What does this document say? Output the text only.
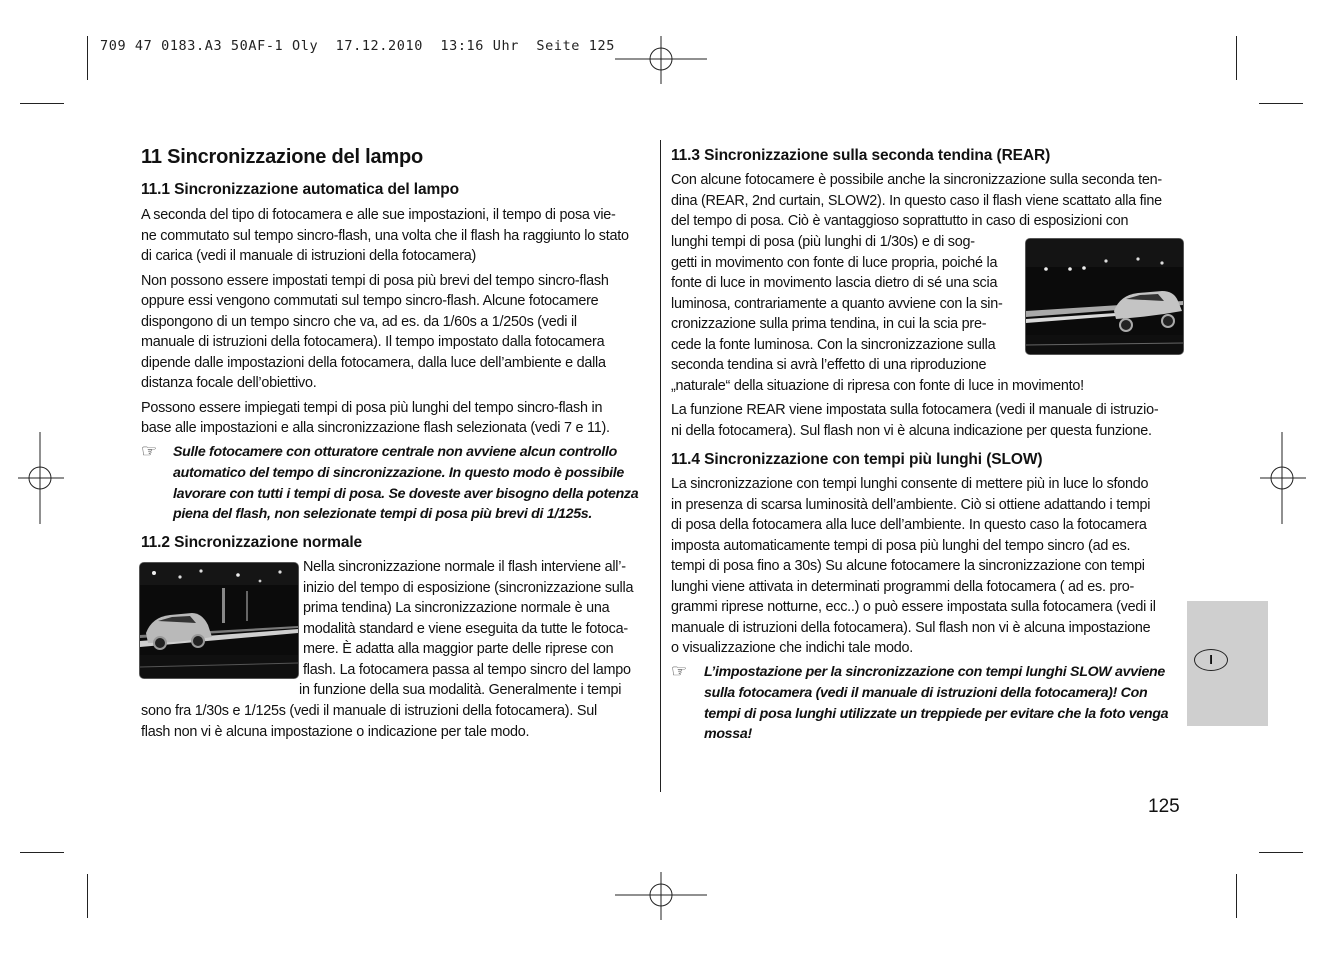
709 47 0183.A3 50AF-1 Oly  17.12.2010  13:16 Uhr  Seite 125
11 Sincronizzazione del lampo
11.1 Sincronizzazione automatica del lampo

A seconda del tipo di fotocamera e alle sue impostazioni, il tempo di posa vie-
ne commutato sul tempo sincro-flash, una volta che il flash ha raggiunto lo stato
di carica (vedi il manuale di istruzioni della fotocamera)

Non possono essere impostati tempi di posa più brevi del tempo sincro-flash
oppure essi vengono commutati sul tempo sincro-flash. Alcune fotocamere
dispongono di un tempo sincro che va, ad es. da 1/60s a 1/250s (vedi il
manuale di istruzioni della fotocamera). Il tempo impostato dalla fotocamera
dipende dalle impostazioni della fotocamera, dalla luce dell’ambiente e dalla
distanza focale dell’obiettivo.

Possono essere impiegati tempi di posa più lunghi del tempo sincro-flash in
base alle impostazioni e alla sincronizzazione flash selezionata (vedi 7 e 11).

☞ Sulle fotocamere con otturatore centrale non avviene alcun controllo
automatico del tempo di sincronizzazione. In questo modo è possibile
lavorare con tutti i tempi di posa. Se doveste aver bisogno della potenza
piena del flash, non selezionate tempi di posa più brevi di 1/125s.
11.2 Sincronizzazione normale
Nella sincronizzazione normale il flash interviene all’-
inizio del tempo di esposizione (sincronizzazione sulla
prima tendina) La sincronizzazione normale è una
modalità standard e viene eseguita da tutte le fotoca-
mere. È adatta alla maggior parte delle riprese con
flash. La fotocamera passa al tempo sincro del lampo
in funzione della sua modalità. Generalmente i tempi
sono fra 1/30s e 1/125s (vedi il manuale di istruzioni della fotocamera). Sul
flash non vi è alcuna impostazione o indicazione per tale modo.
11.3 Sincronizzazione sulla seconda tendina (REAR)
Con alcune fotocamere è possibile anche la sincronizzazione sulla seconda ten-
dina (REAR, 2nd curtain, SLOW2). In questo caso il flash viene scattato alla fine
del tempo di posa. Ciò è vantaggioso soprattutto in caso di esposizioni con
lunghi tempi di posa (più lunghi di 1/30s) e di sog-
getti in movimento con fonte di luce propria, poiché la
fonte di luce in movimento lascia dietro di sé una scia
luminosa, contrariamente a quanto avviene con la sin-
cronizzazione sulla prima tendina, in cui la scia pre-
cede la fonte luminosa. Con la sincronizzazione sulla
seconda tendina si avrà l’effetto di una riproduzione
„naturale“ della situazione di ripresa con fonte di luce in movimento!
La funzione REAR viene impostata sulla fotocamera (vedi il manuale di istruzio-
ni della fotocamera). Sul flash non vi è alcuna indicazione per questa funzione.
11.4 Sincronizzazione con tempi più lunghi (SLOW)
La sincronizzazione con tempi lunghi consente di mettere più in luce lo sfondo
in presenza di scarsa luminosità dell’ambiente. Ciò si ottiene adattando i tempi
di posa della fotocamera alla luce dell’ambiente. In questo caso la fotocamera
imposta automaticamente tempi di posa più lunghi del tempo sincro (ad es.
tempi di posa fino a 30s) Su alcune fotocamere la sincronizzazione con tempi
lunghi viene attivata in determinati programmi della fotocamera ( ad es. pro-
grammi riprese notturne, ecc..) o può essere impostata sulla fotocamera (vedi il
manuale di istruzioni della fotocamera). Sul flash non vi è alcuna impostazione
o visualizzazione che indichi tale modo.
☞ L’impostazione per la sincronizzazione con tempi lunghi SLOW avviene
sulla fotocamera (vedi il manuale di istruzioni della fotocamera)! Con
tempi di posa lunghi utilizzate un treppiede per evitare che la foto venga
mossa!
I
125
